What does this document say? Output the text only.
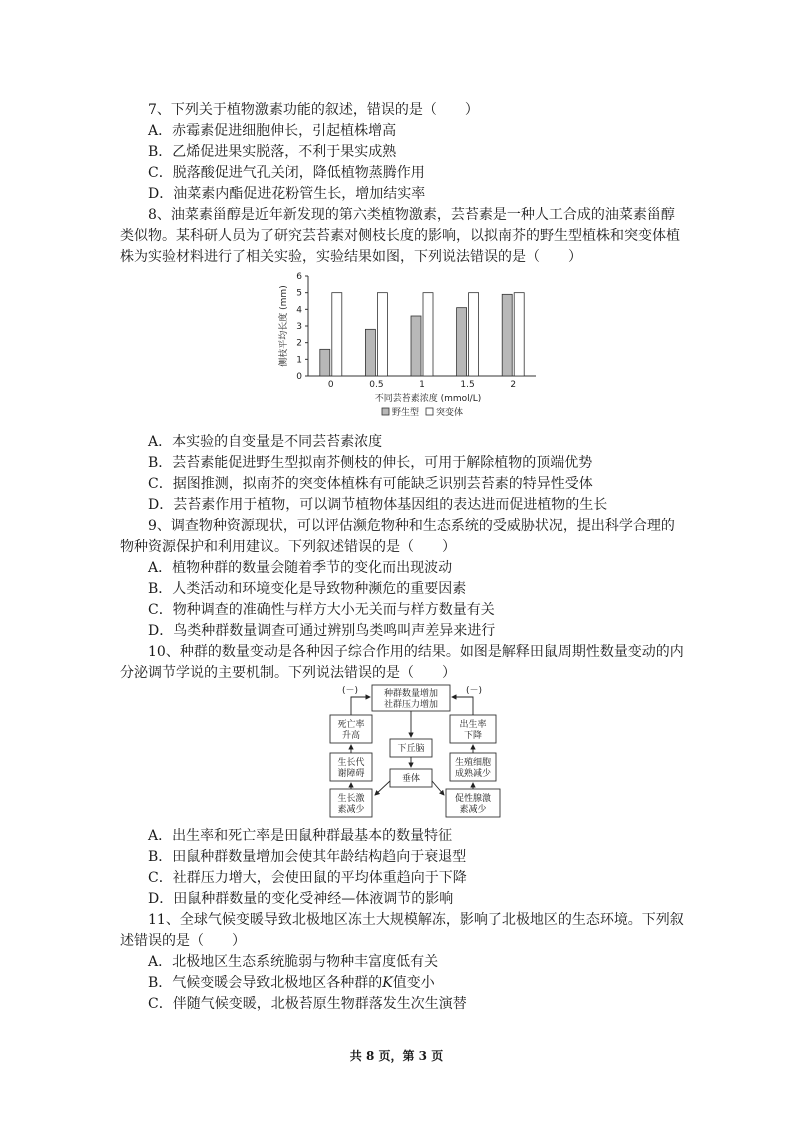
7、下列关于植物激素功能的叙述，错误的是（　　）
A．赤霉素促进细胞伸长，引起植株增高
B．乙烯促进果实脱落，不利于果实成熟
C．脱落酸促进气孔关闭，降低植物蒸腾作用
D．油菜素内酯促进花粉管生长，增加结实率
8、油菜素甾醇是近年新发现的第六类植物激素，芸苔素是一种人工合成的油菜素甾醇
类似物。某科研人员为了研究芸苔素对侧枝长度的影响，以拟南芥的野生型植株和突变体植
株为实验材料进行了相关实验，实验结果如图，下列说法错误的是（　　）
0
1
2
3
4
5
6
侧枝平均长度 (mm)
0	0.5	1	1.5	2
不同芸苔素浓度 (mmol/L)
野生型 突变体
A．本实验的自变量是不同芸苔素浓度
B．芸苔素能促进野生型拟南芥侧枝的伸长，可用于解除植物的顶端优势
C．据图推测，拟南芥的突变体植株有可能缺乏识别芸苔素的特异性受体
D．芸苔素作用于植物，可以调节植物体基因组的表达进而促进植物的生长
9、调查物种资源现状，可以评估濒危物种和生态系统的受威胁状况，提出科学合理的
物种资源保护和利用建议。下列叙述错误的是（　　）
A．植物种群的数量会随着季节的变化而出现波动
B．人类活动和环境变化是导致物种濒危的重要因素
C．物种调查的准确性与样方大小无关而与样方数量有关
D．鸟类种群数量调查可通过辨别鸟类鸣叫声差异来进行
10、种群的数量变动是各种因子综合作用的结果。如图是解释田鼠周期性数量变动的内
分泌调节学说的主要机制。下列说法错误的是（　　）
种群数量增加
社群压力增加
(－)	(－)
死亡率
升高
生长代
谢障碍
生长激
素减少
出生率
下降
生殖细胞
成熟减少
促性腺激
素减少
下丘脑
垂体
A．出生率和死亡率是田鼠种群最基本的数量特征
B．田鼠种群数量增加会使其年龄结构趋向于衰退型
C．社群压力增大，会使田鼠的平均体重趋向于下降
D．田鼠种群数量的变化受神经—体液调节的影响
11、全球气候变暖导致北极地区冻土大规模解冻，影响了北极地区的生态环境。下列叙
述错误的是（　　）
A．北极地区生态系统脆弱与物种丰富度低有关
B．气候变暖会导致北极地区各种群的K值变小
C．伴随气候变暖，北极苔原生物群落发生次生演替
共 8 页，第 3 页
